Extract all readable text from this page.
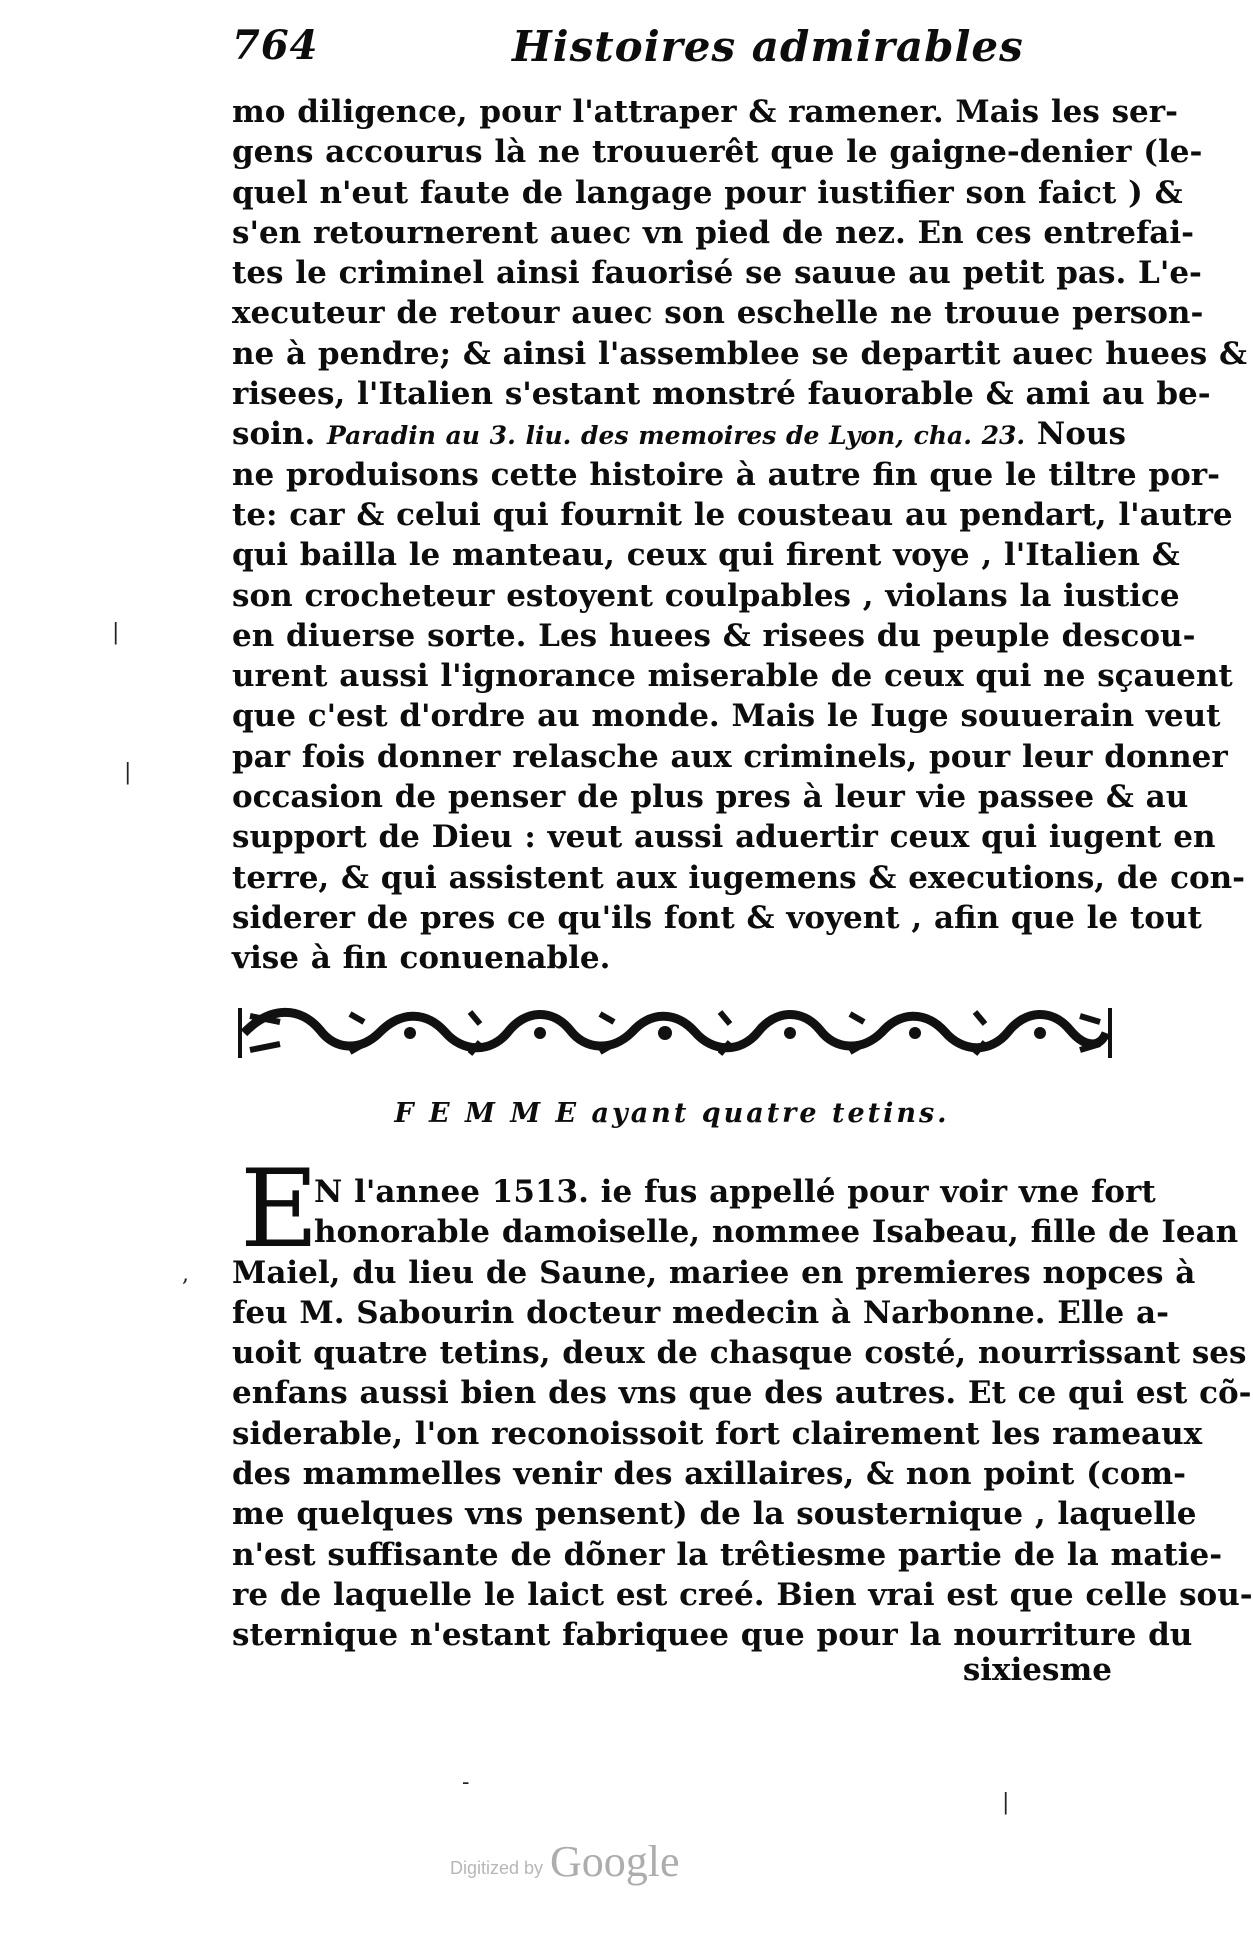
764	Histoires admirables
mo diligence, pour l'attraper & ramener. Mais les ser-
gens accourus là ne trouuerêt que le gaigne-denier (le-
quel n'eut faute de langage pour iustifier son faict ) &
s'en retournerent auec vn pied de nez. En ces entrefai-
tes le criminel ainsi fauorisé se sauue au petit pas. L'e-
xecuteur de retour auec son eschelle ne trouue person-
ne à pendre; & ainsi l'assemblee se departit auec huees &
risees, l'Italien s'estant monstré fauorable & ami au be-
soin. Paradin au 3. liu. des memoires de Lyon, cha. 23. Nous
ne produisons cette histoire à autre fin que le tiltre por-
te: car & celui qui fournit le cousteau au pendart, l'autre
qui bailla le manteau, ceux qui firent voye , l'Italien &
son crocheteur estoyent coulpables , violans la iustice
en diuerse sorte. Les huees & risees du peuple descou-
urent aussi l'ignorance miserable de ceux qui ne sçauent
que c'est d'ordre au monde. Mais le Iuge souuerain veut
par fois donner relasche aux criminels, pour leur donner
occasion de penser de plus pres à leur vie passee & au
support de Dieu : veut aussi aduertir ceux qui iugent en
terre, & qui assistent aux iugemens & executions, de con-
siderer de pres ce qu'ils font & voyent , afin que le tout
vise à fin conuenable.
F E M M E ayant quatre tetins.
E
N l'annee 1513. ie fus appellé pour voir vne fort
honorable damoiselle, nommee Isabeau, fille de Iean
Maiel, du lieu de Saune, mariee en premieres nopces à
feu M. Sabourin docteur medecin à Narbonne. Elle a-
uoit quatre tetins, deux de chasque costé, nourrissant ses
enfans aussi bien des vns que des autres. Et ce qui est cõ-
siderable, l'on reconoissoit fort clairement les rameaux
des mammelles venir des axillaires, & non point (com-
me quelques vns pensent) de la sousternique , laquelle
n'est suffisante de dõner la trêtiesme partie de la matie-
re de laquelle le laict est creé. Bien vrai est que celle sou-
sternique n'estant fabriquee que pour la nourriture du
sixiesme
|
|
,
-
|
Digitized by Google
